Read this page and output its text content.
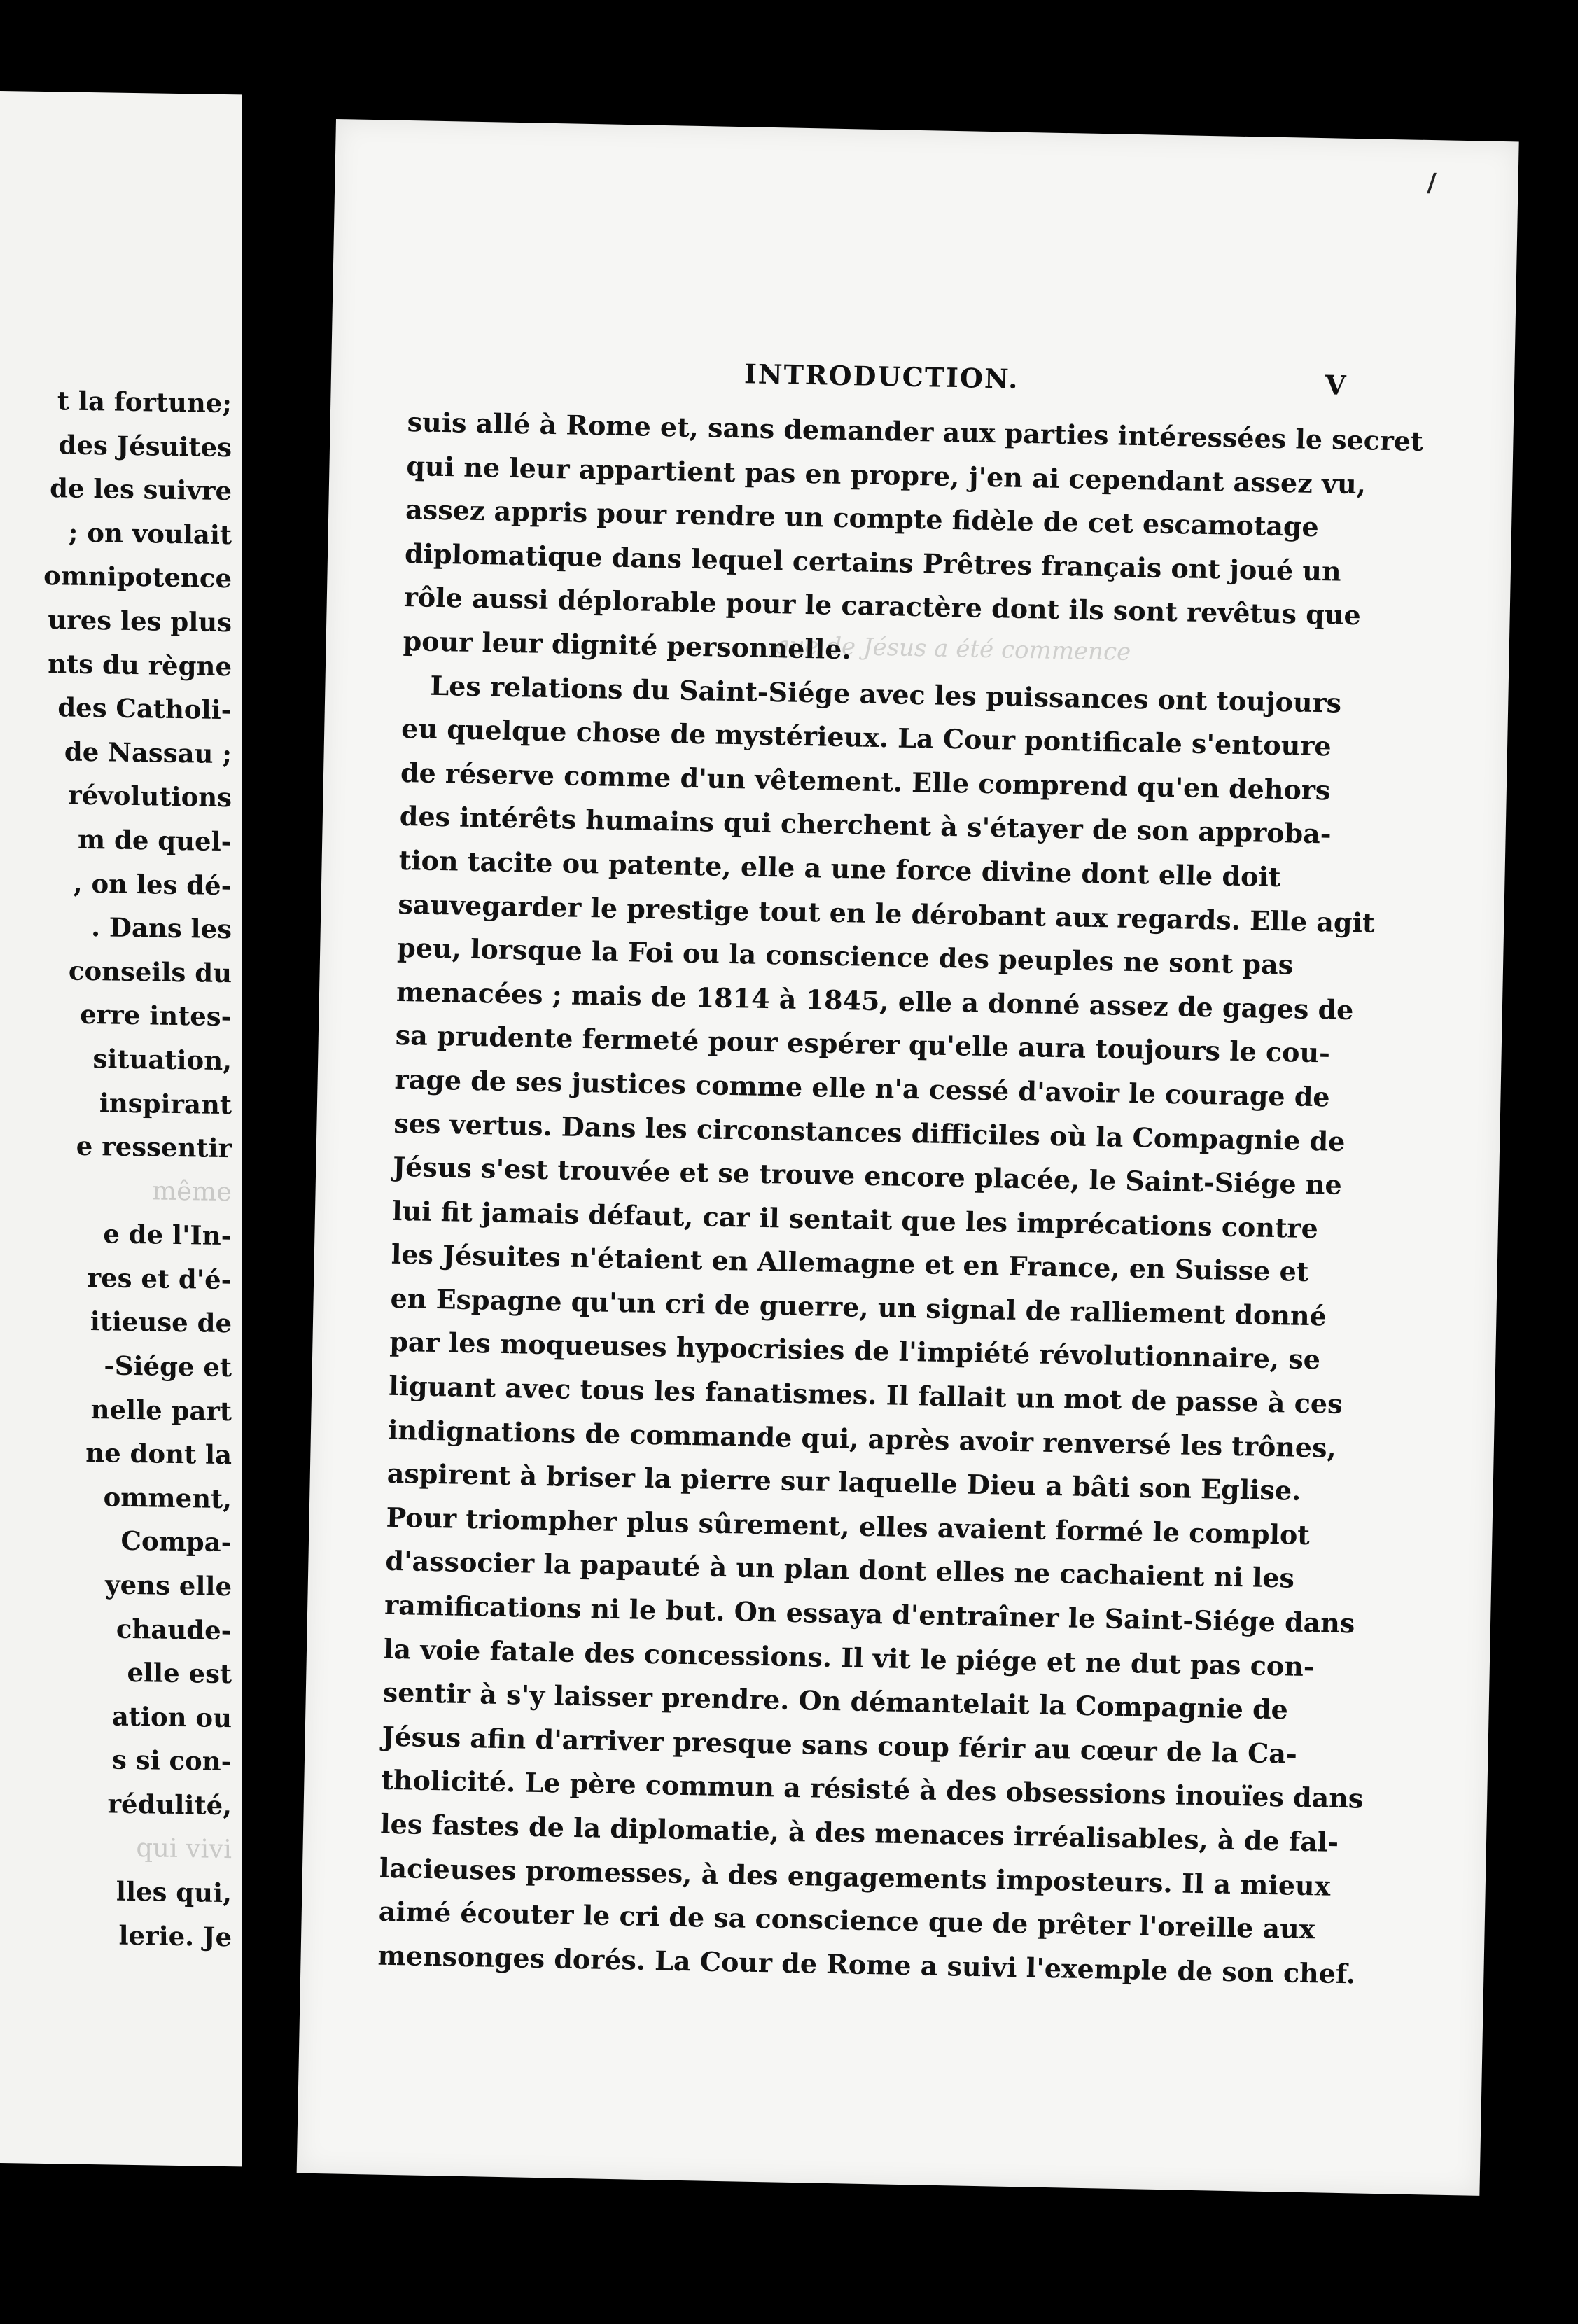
t la fortune;
des Jésuites
de les suivre
; on voulait
omnipotence
ures les plus
nts du règne
des Catholi-
de Nassau ;
révolutions
m de quel-
, on les dé-
. Dans les
conseils du
erre intes-
situation,
inspirant
e ressentir
même
e de l'In-
res et d'é-
itieuse de
-Siége et
nelle part
ne dont la
omment,
Compa-
yens elle
chaude-
elle est
ation ou
s si con-
rédulité,
qui vivi
lles qui,
lerie. Je
INTRODUCTION.	V
que de Jésus a été commence
suis allé à Rome et, sans demander aux parties intéressées le secret
qui ne leur appartient pas en propre, j'en ai cependant assez vu,
assez appris pour rendre un compte fidèle de cet escamotage
diplomatique dans lequel certains Prêtres français ont joué un
rôle aussi déplorable pour le caractère dont ils sont revêtus que
pour leur dignité personnelle.
Les relations du Saint-Siége avec les puissances ont toujours
eu quelque chose de mystérieux. La Cour pontificale s'entoure
de réserve comme d'un vêtement. Elle comprend qu'en dehors
des intérêts humains qui cherchent à s'étayer de son approba-
tion tacite ou patente, elle a une force divine dont elle doit
sauvegarder le prestige tout en le dérobant aux regards. Elle agit
peu, lorsque la Foi ou la conscience des peuples ne sont pas
menacées ; mais de 1814 à 1845, elle a donné assez de gages de
sa prudente fermeté pour espérer qu'elle aura toujours le cou-
rage de ses justices comme elle n'a cessé d'avoir le courage de
ses vertus. Dans les circonstances difficiles où la Compagnie de
Jésus s'est trouvée et se trouve encore placée, le Saint-Siége ne
lui fit jamais défaut, car il sentait que les imprécations contre
les Jésuites n'étaient en Allemagne et en France, en Suisse et
en Espagne qu'un cri de guerre, un signal de ralliement donné
par les moqueuses hypocrisies de l'impiété révolutionnaire, se
liguant avec tous les fanatismes. Il fallait un mot de passe à ces
indignations de commande qui, après avoir renversé les trônes,
aspirent à briser la pierre sur laquelle Dieu a bâti son Eglise.
Pour triompher plus sûrement, elles avaient formé le complot
d'associer la papauté à un plan dont elles ne cachaient ni les
ramifications ni le but. On essaya d'entraîner le Saint-Siége dans
la voie fatale des concessions. Il vit le piége et ne dut pas con-
sentir à s'y laisser prendre. On démantelait la Compagnie de
Jésus afin d'arriver presque sans coup férir au cœur de la Ca-
tholicité. Le père commun a résisté à des obsessions inouïes dans
les fastes de la diplomatie, à des menaces irréalisables, à de fal-
lacieuses promesses, à des engagements imposteurs. Il a mieux
aimé écouter le cri de sa conscience que de prêter l'oreille aux
mensonges dorés. La Cour de Rome a suivi l'exemple de son chef.
/
